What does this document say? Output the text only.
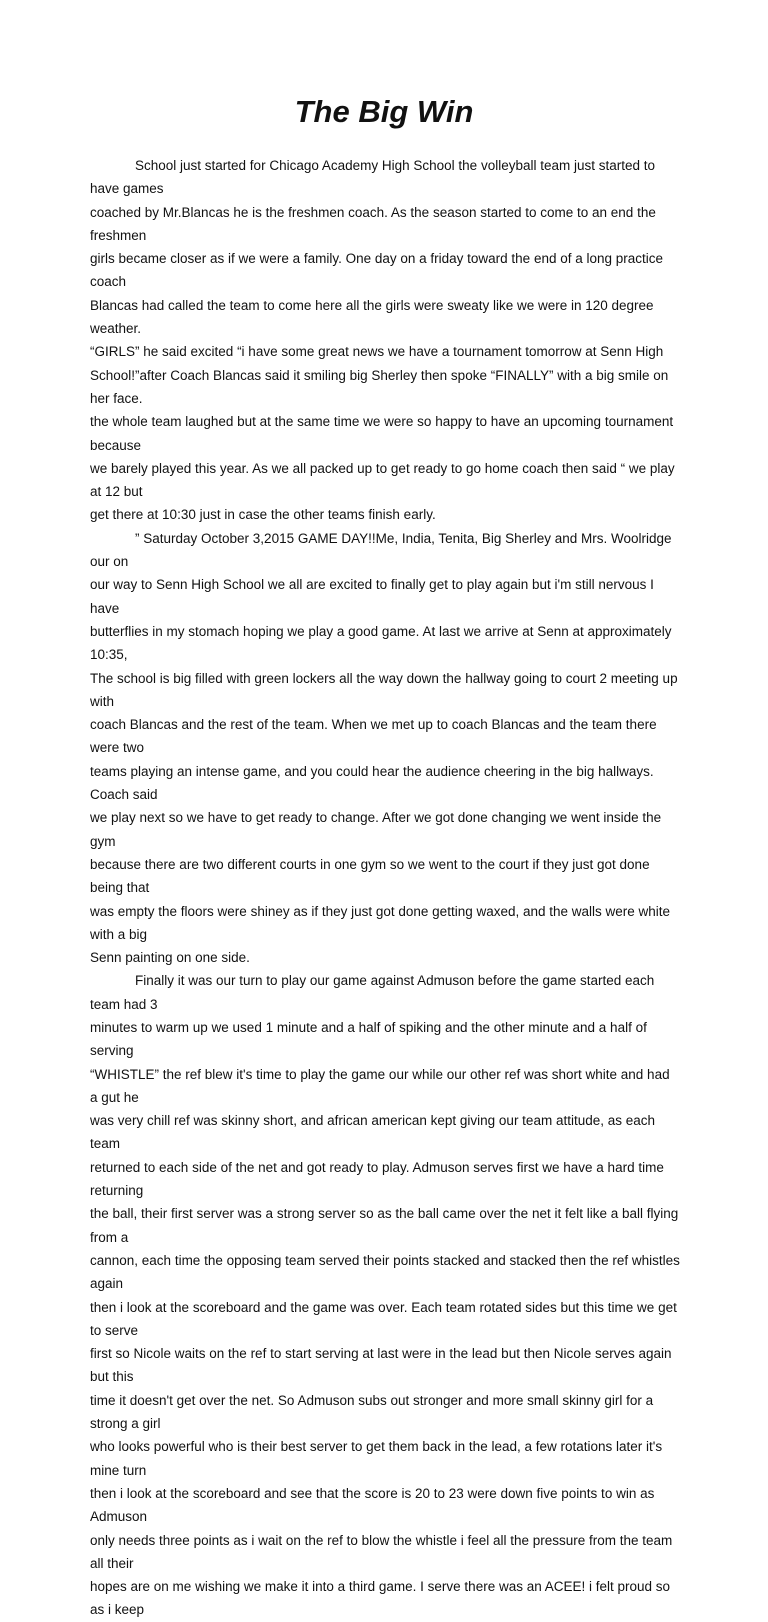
The Big Win

School just started for Chicago Academy High School the volleyball team just started to have games
coached by Mr.Blancas he is the freshmen coach. As the season started to come to an end the freshmen
girls became closer as if we were a family. One day on a friday toward the end of a long practice coach
Blancas had called the team to come here all the girls were sweaty like we were in 120 degree weather.
“GIRLS” he said excited “i have some great news we have a tournament tomorrow at Senn High
School!”after Coach Blancas said it smiling big Sherley then spoke “FINALLY” with a big smile on her face.
the whole team laughed but at the same time we were so happy to have an upcoming tournament because
we barely played this year. As we all packed up to get ready to go home coach then said “ we play at 12 but
get there at 10:30 just in case the other teams finish early.

” Saturday October 3,2015 GAME DAY!!Me, India, Tenita, Big Sherley and Mrs. Woolridge our on
our way to Senn High School we all are excited to finally get to play again but i'm still nervous I have
butterflies in my stomach hoping we play a good game. At last we arrive at Senn at approximately 10:35,
The school is big filled with green lockers all the way down the hallway going to court 2 meeting up with
coach Blancas and the rest of the team. When we met up to coach Blancas and the team there were two
teams playing an intense game, and you could hear the audience cheering in the big hallways. Coach said
we play next so we have to get ready to change. After we got done changing we went inside the gym
because there are two different courts in one gym so we went to the court if they just got done being that
was empty the floors were shiney as if they just got done getting waxed, and the walls were white with a big
Senn painting on one side.

Finally it was our turn to play our game against Admuson before the game started each team had 3
minutes to warm up we used 1 minute and a half of spiking and the other minute and a half of serving
“WHISTLE” the ref blew it's time to play the game our while our other ref was short white and had a gut he
was very chill ref was skinny short, and african american kept giving our team attitude, as each team
returned to each side of the net and got ready to play. Admuson serves first we have a hard time returning
the ball, their first server was a strong server so as the ball came over the net it felt like a ball flying from a
cannon, each time the opposing team served their points stacked and stacked then the ref whistles again
then i look at the scoreboard and the game was over. Each team rotated sides but this time we get to serve
first so Nicole waits on the ref to start serving at last were in the lead but then Nicole serves again but this
time it doesn't get over the net. So Admuson subs out stronger and more small skinny girl for a strong a girl
who looks powerful who is their best server to get them back in the lead, a few rotations later it's mine turn
then i look at the scoreboard and see that the score is 20 to 23 were down five points to win as Admuson
only needs three points as i wait on the ref to blow the whistle i feel all the pressure from the team all their
hopes are on me wishing we make it into a third game. I serve there was an ACEE! i felt proud so as i keep
